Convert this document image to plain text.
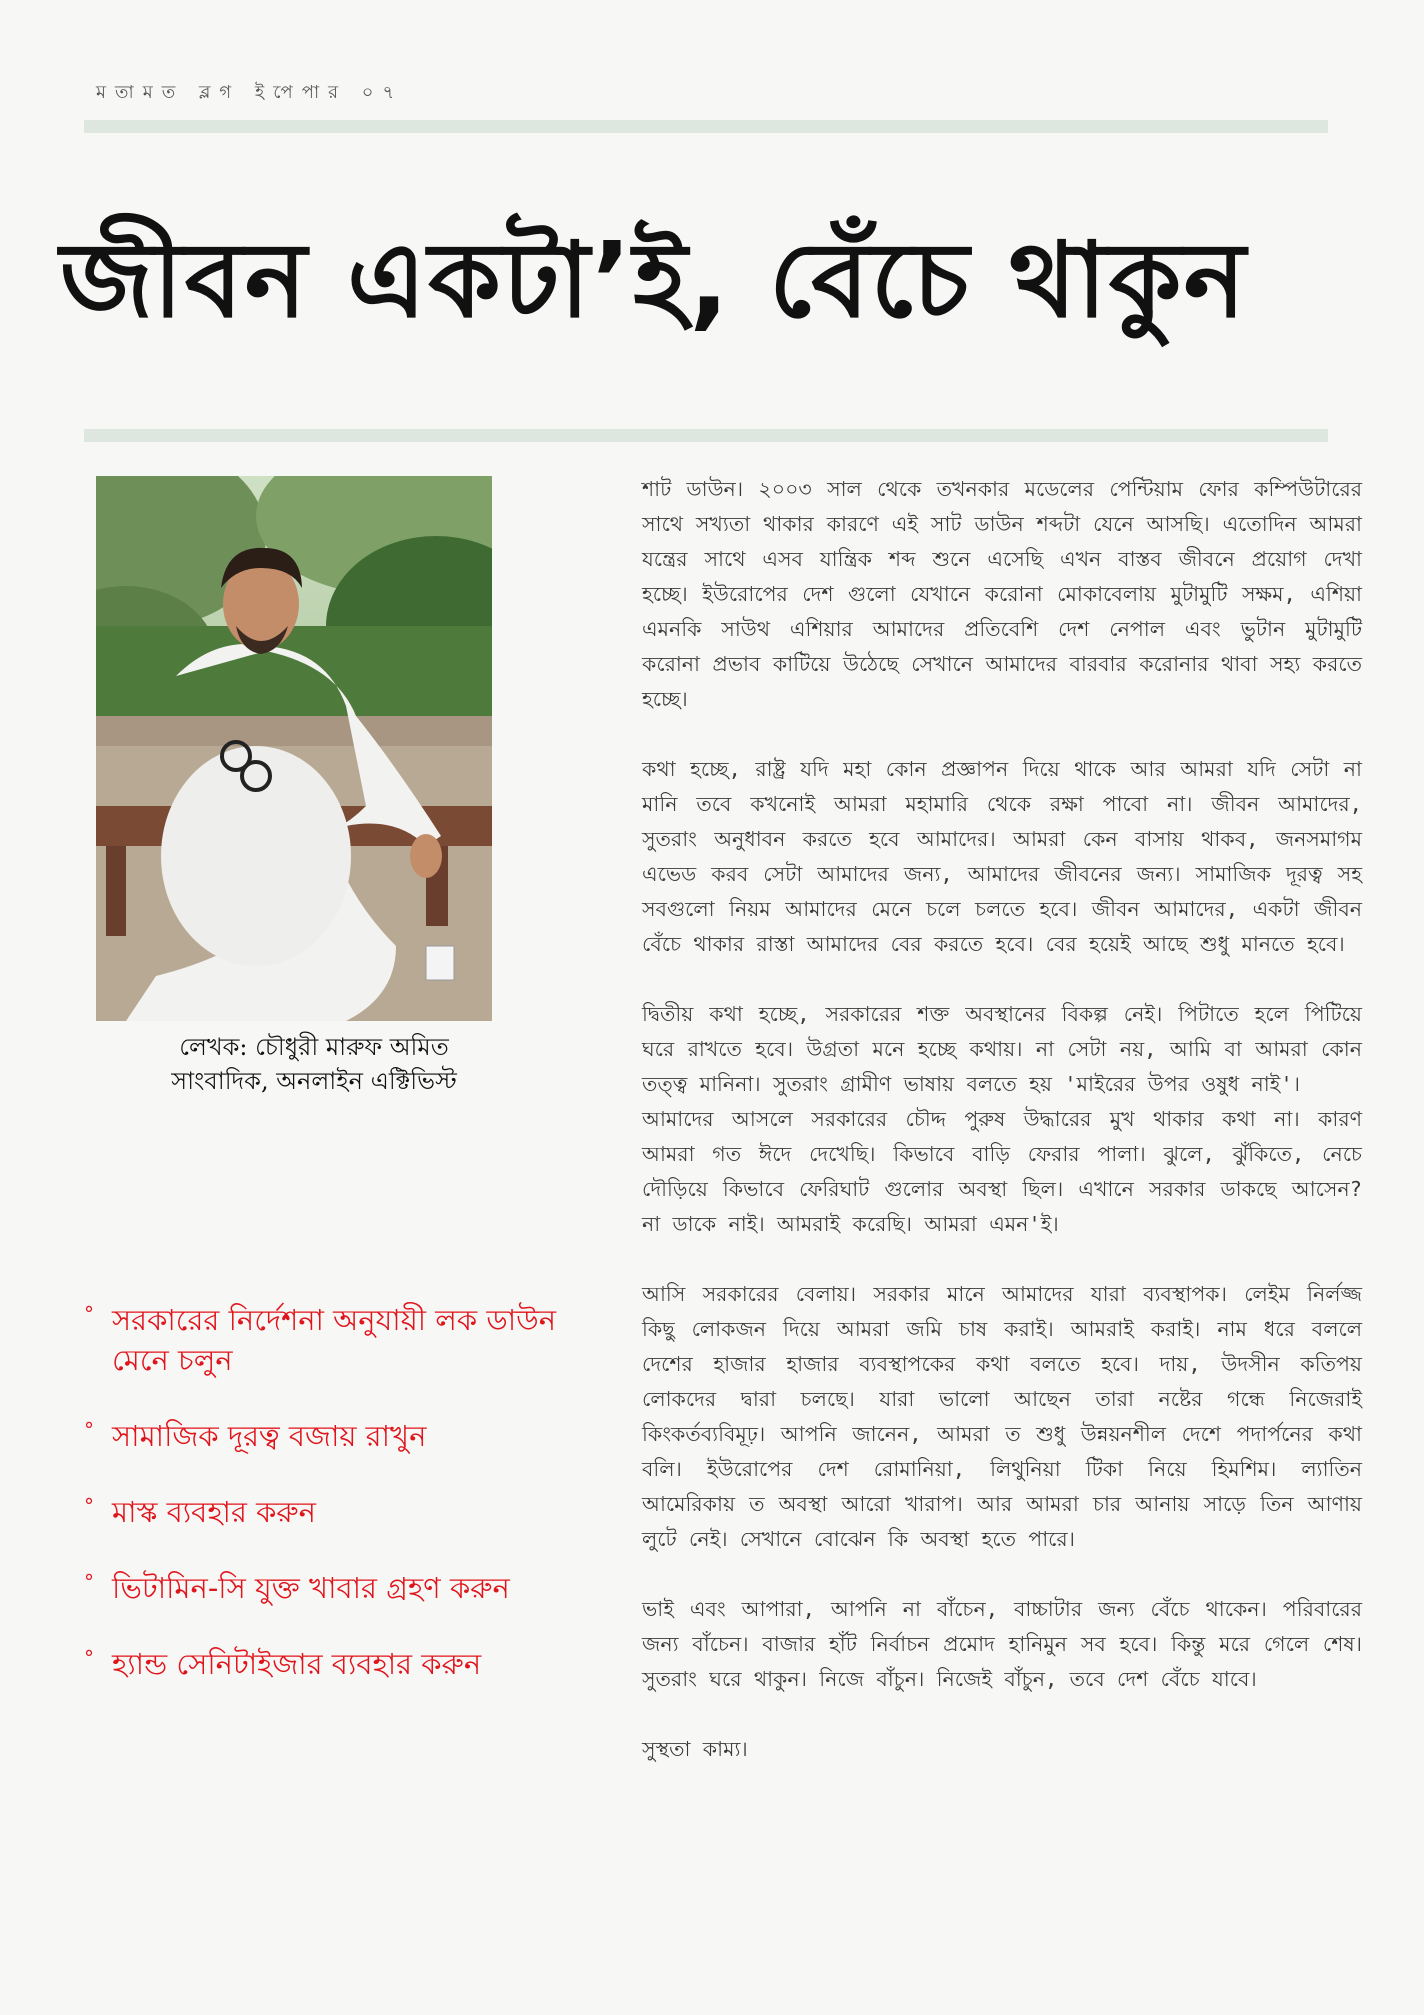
মতামত ব্লগ ইপেপার ০৭
জীবন একটা’ই, বেঁচে থাকুন
লেখক: চৌধুরী মারুফ অমিত
সাংবাদিক, অনলাইন এক্টিভিস্ট
° সরকারের নির্দেশনা অনুযায়ী লক ডাউন মেনে চলুন
° সামাজিক দূরত্ব বজায় রাখুন
° মাস্ক ব্যবহার করুন
° ভিটামিন-সি যুক্ত খাবার গ্রহণ করুন
° হ্যান্ড সেনিটাইজার ব্যবহার করুন

শাট ডাউন। ২০০৩ সাল থেকে তখনকার মডেলের পেন্টিয়াম ফোর কম্পিউটারের সাথে সখ্যতা থাকার কারণে এই সাট ডাউন শব্দটা যেনে আসছি। এতোদিন আমরা যন্ত্রের সাথে এসব যান্ত্রিক শব্দ শুনে এসেছি এখন বাস্তব জীবনে প্রয়োগ দেখা হচ্ছে। ইউরোপের দেশ গুলো যেখানে করোনা মোকাবেলায় মুটামুটি সক্ষম, এশিয়া এমনকি সাউথ এশিয়ার আমাদের প্রতিবেশি দেশ নেপাল এবং ভুটান মুটামুটি করোনা প্রভাব কাটিয়ে উঠেছে সেখানে আমাদের বারবার করোনার থাবা সহ্য করতে হচ্ছে।

কথা হচ্ছে, রাষ্ট্র যদি মহা কোন প্রজ্ঞাপন দিয়ে থাকে আর আমরা যদি সেটা না মানি তবে কখনোই আমরা মহামারি থেকে রক্ষা পাবো না। জীবন আমাদের, সুতরাং অনুধাবন করতে হবে আমাদের। আমরা কেন বাসায় থাকব, জনসমাগম এভেড করব সেটা আমাদের জন্য, আমাদের জীবনের জন্য। সামাজিক দূরত্ব সহ সবগুলো নিয়ম আমাদের মেনে চলে চলতে হবে। জীবন আমাদের, একটা জীবন বেঁচে থাকার রাস্তা আমাদের বের করতে হবে। বের হয়েই আছে শুধু মানতে হবে।

দ্বিতীয় কথা হচ্ছে, সরকারের শক্ত অবস্থানের বিকল্প নেই। পিটাতে হলে পিটিয়ে ঘরে রাখতে হবে। উগ্রতা মনে হচ্ছে কথায়। না সেটা নয়, আমি বা আমরা কোন তত্ত্ব মানিনা। সুতরাং গ্রামীণ ভাষায় বলতে হয় 'মাইরের উপর ওষুধ নাই'।

আমাদের আসলে সরকারের চৌদ্দ পুরুষ উদ্ধারের মুখ থাকার কথা না। কারণ আমরা গত ঈদে দেখেছি। কিভাবে বাড়ি ফেরার পালা। ঝুলে, ঝুঁকিতে, নেচে দৌড়িয়ে কিভাবে ফেরিঘাট গুলোর অবস্থা ছিল। এখানে সরকার ডাকছে আসেন? না ডাকে নাই। আমরাই করেছি। আমরা এমন'ই।

আসি সরকারের বেলায়। সরকার মানে আমাদের যারা ব্যবস্থাপক। লেইম নির্লজ্জ কিছু লোকজন দিয়ে আমরা জমি চাষ করাই। আমরাই করাই। নাম ধরে বললে দেশের হাজার হাজার ব্যবস্থাপকের কথা বলতে হবে। দায়, উদসীন কতিপয় লোকদের দ্বারা চলছে। যারা ভালো আছেন তারা নষ্টের গন্ধে নিজেরাই কিংকর্তব্যবিমূঢ়। আপনি জানেন, আমরা ত শুধু উন্নয়নশীল দেশে পদার্পনের কথা বলি। ইউরোপের দেশ রোমানিয়া, লিথুনিয়া টিকা নিয়ে হিমশিম। ল্যাতিন আমেরিকায় ত অবস্থা আরো খারাপ। আর আমরা চার আনায় সাড়ে তিন আণায় লুটে নেই। সেখানে বোঝেন কি অবস্থা হতে পারে।

ভাই এবং আপারা, আপনি না বাঁচেন, বাচ্চাটার জন্য বেঁচে থাকেন। পরিবারের জন্য বাঁচেন। বাজার হাঁট নির্বাচন প্রমোদ হানিমুন সব হবে। কিন্তু মরে গেলে শেষ। সুতরাং ঘরে থাকুন। নিজে বাঁচুন। নিজেই বাঁচুন, তবে দেশ বেঁচে যাবে।

সুস্থতা কাম্য।
